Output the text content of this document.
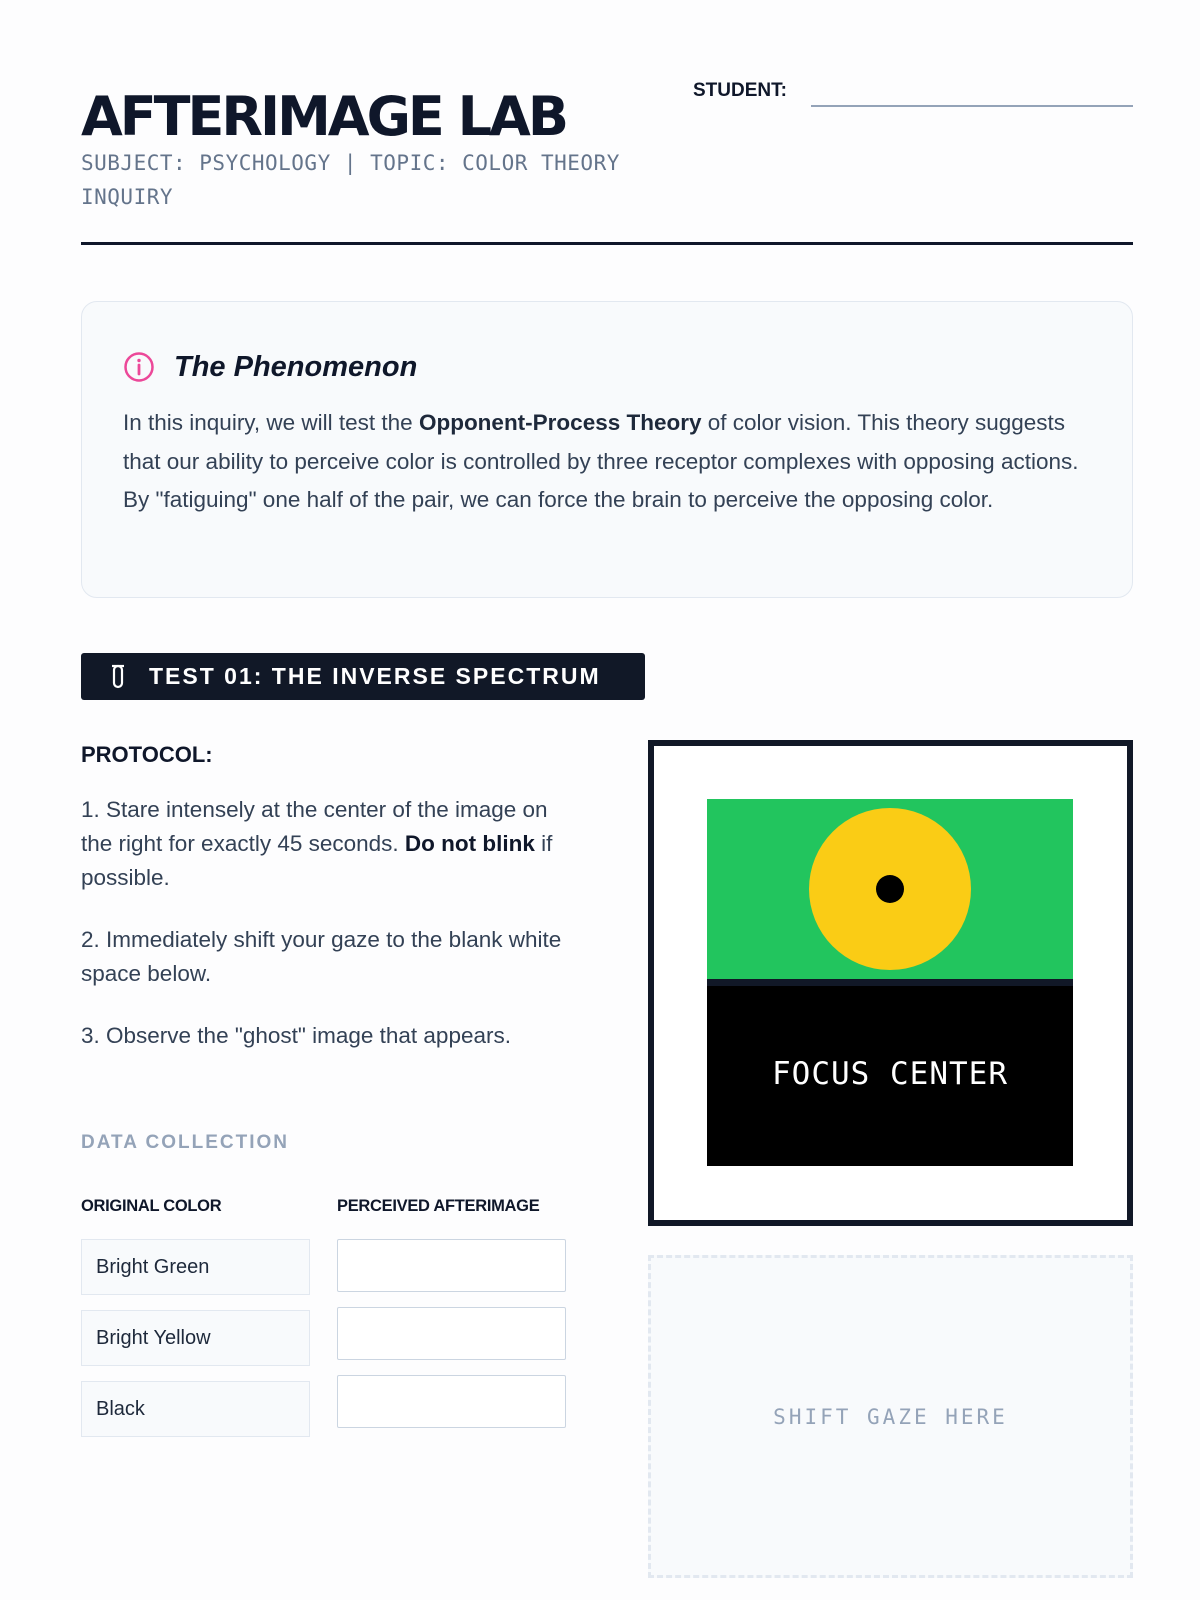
AFTERIMAGE LAB
SUBJECT: PSYCHOLOGY | TOPIC: COLOR THEORY INQUIRY
STUDENT:
The Phenomenon

In this inquiry, we will test the Opponent-Process Theory of color vision. This theory suggests that our ability to perceive color is controlled by three receptor complexes with opposing actions. By "fatiguing" one half of the pair, we can force the brain to perceive the opposing color.

TEST 01: THE INVERSE SPECTRUM
PROTOCOL:

1. Stare intensely at the center of the image on the right for exactly 45 seconds. Do not blink if possible.

2. Immediately shift your gaze to the blank white space below.

3. Observe the "ghost" image that appears.

DATA COLLECTION
ORIGINAL COLOR	PERCEIVED AFTERIMAGE
Bright Green
Bright Yellow
Black
FOCUS CENTER
SHIFT GAZE HERE
